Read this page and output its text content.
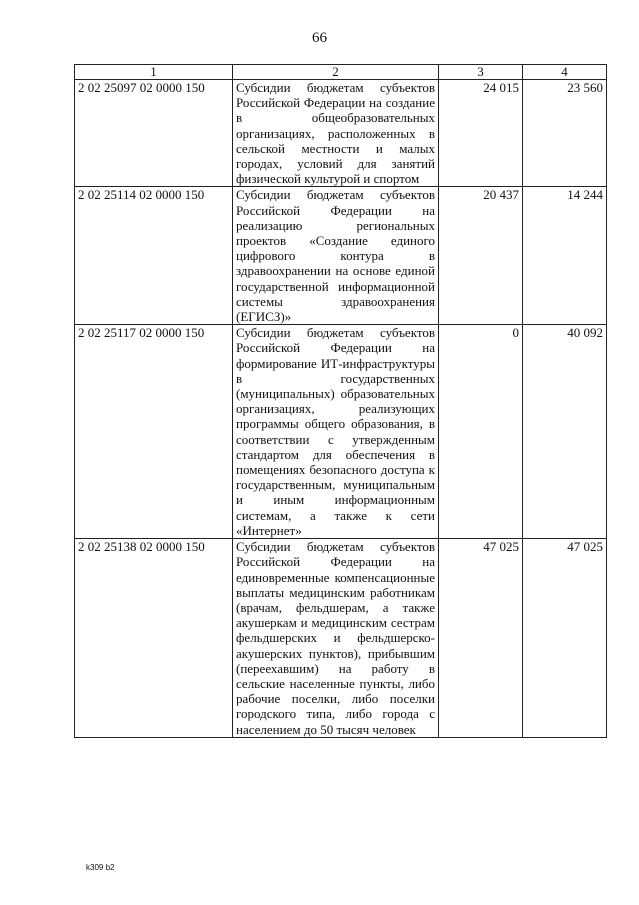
66
1	2	3	4
2 02 25097 02 0000 150	Субсидии бюджетам субъектов Российской Федерации на создание в общеобразовательных организациях, расположенных в сельской местности и малых городах, условий для занятий физической культурой и спортом	24 015	23 560
2 02 25114 02 0000 150	Субсидии бюджетам субъектов Российской Федерации на реализацию региональных проектов «Создание единого цифрового контура в здравоохранении на основе единой государственной информационной системы здравоохранения (ЕГИСЗ)»	20 437	14 244
2 02 25117 02 0000 150	Субсидии бюджетам субъектов Российской Федерации на формирование ИТ-инфраструктуры в государственных (муниципальных) образовательных организациях, реализующих программы общего образования, в соответствии с утвержденным стандартом для обеспечения в помещениях безопасного доступа к государственным, муниципальным и иным информационным системам, а также к сети «Интернет»	0	40 092
2 02 25138 02 0000 150	Субсидии бюджетам субъектов Российской Федерации на единовременные компенсационные выплаты медицинским работникам (врачам, фельдшерам, а также акушеркам и медицинским сестрам фельдшерских и фельдшерско-акушерских пунктов), прибывшим (переехавшим) на работу в сельские населенные пункты, либо рабочие поселки, либо поселки городского типа, либо города с населением до 50 тысяч человек	47 025	47 025
k309 b2
